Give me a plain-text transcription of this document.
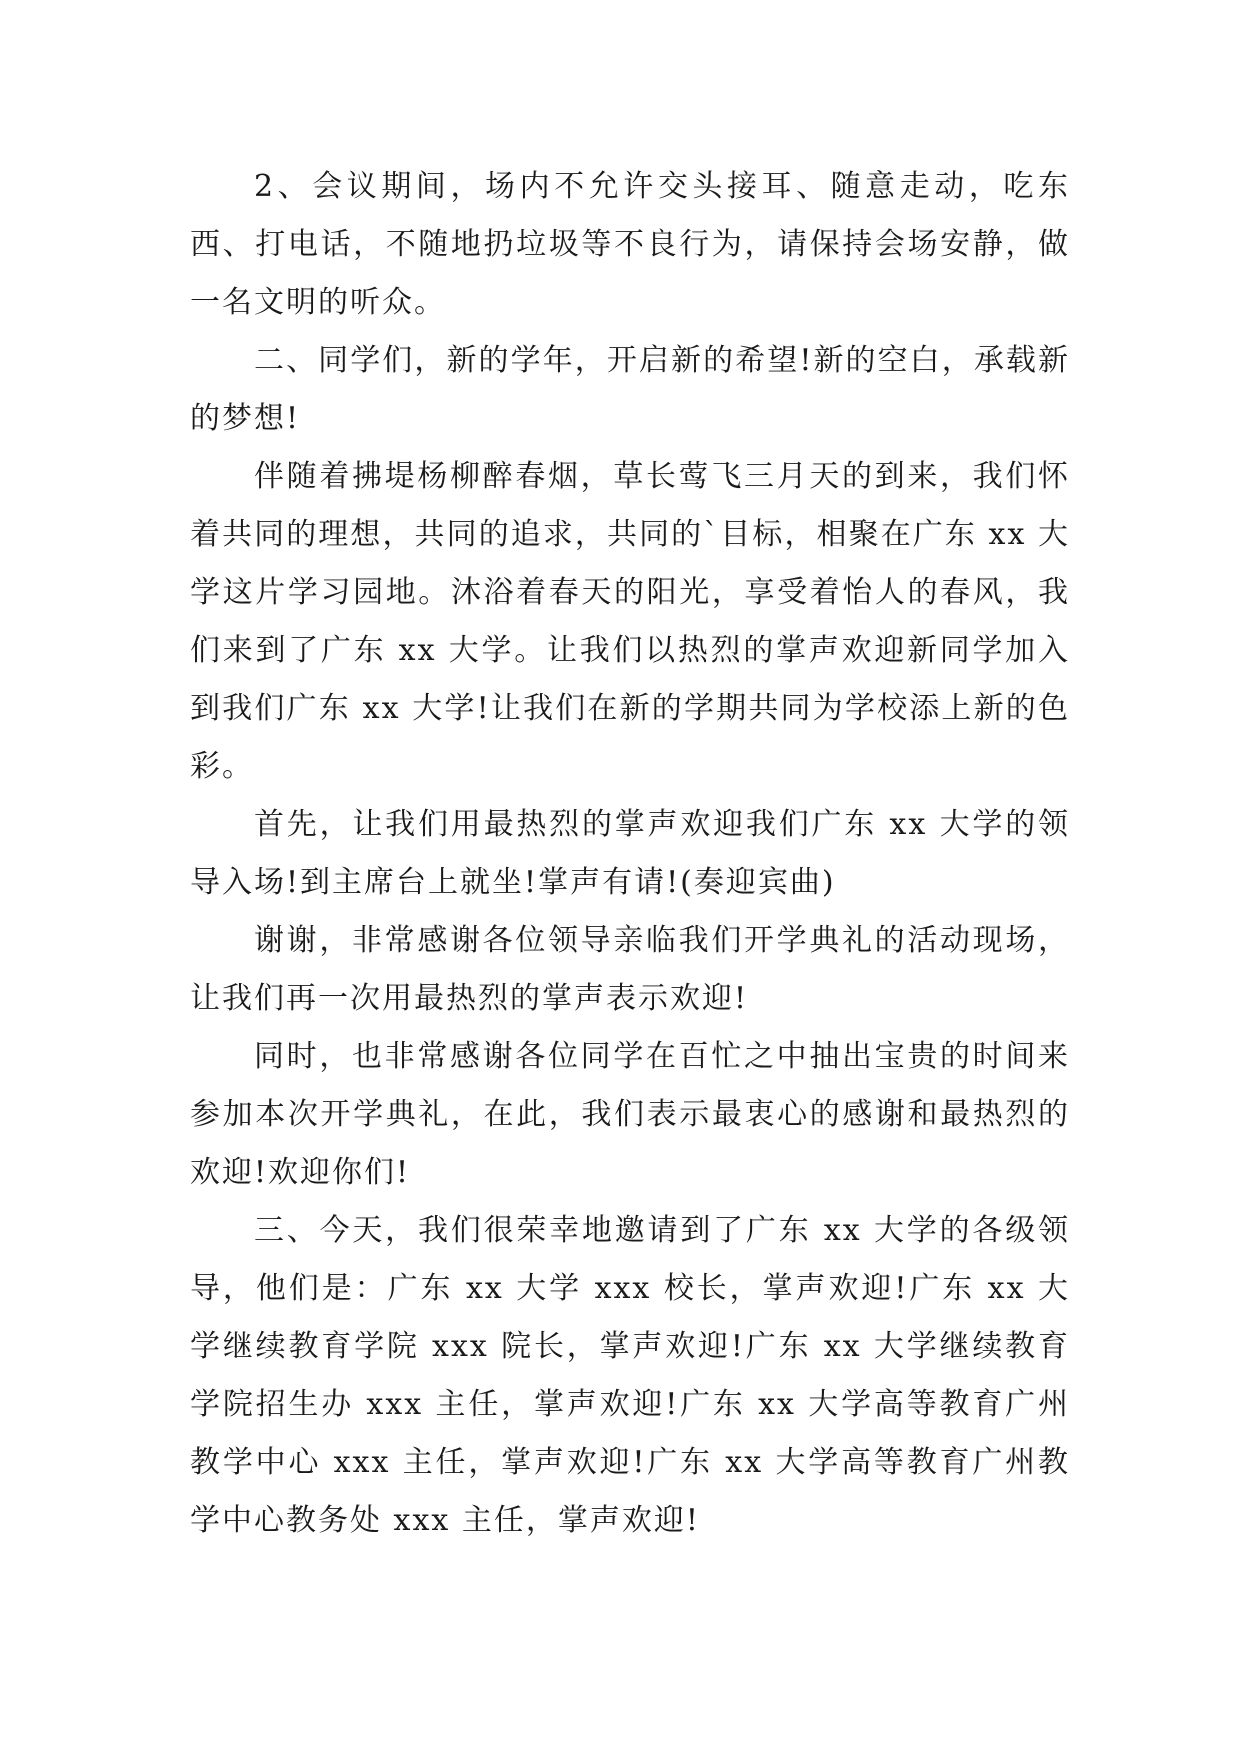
2、会议期间，场内不允许交头接耳、随意走动，吃东西、打电话，不随地扔垃圾等不良行为，请保持会场安静，做一名文明的听众。

二、同学们，新的学年，开启新的希望!新的空白，承载新的梦想!

伴随着拂堤杨柳醉春烟，草长莺飞三月天的到来，我们怀着共同的理想，共同的追求，共同的`目标，相聚在广东 xx 大学这片学习园地。沐浴着春天的阳光，享受着怡人的春风，我们来到了广东 xx 大学。让我们以热烈的掌声欢迎新同学加入到我们广东 xx 大学!让我们在新的学期共同为学校添上新的色彩。

首先，让我们用最热烈的掌声欢迎我们广东 xx 大学的领导入场!到主席台上就坐!掌声有请!(奏迎宾曲)

谢谢，非常感谢各位领导亲临我们开学典礼的活动现场，让我们再一次用最热烈的掌声表示欢迎!

同时，也非常感谢各位同学在百忙之中抽出宝贵的时间来参加本次开学典礼，在此，我们表示最衷心的感谢和最热烈的欢迎!欢迎你们!

三、今天，我们很荣幸地邀请到了广东 xx 大学的各级领导，他们是：广东 xx 大学 xxx 校长，掌声欢迎!广东 xx 大学继续教育学院 xxx 院长，掌声欢迎!广东 xx 大学继续教育学院招生办 xxx 主任，掌声欢迎!广东 xx 大学高等教育广州教学中心 xxx 主任，掌声欢迎!广东 xx 大学高等教育广州教学中心教务处 xxx 主任，掌声欢迎!
